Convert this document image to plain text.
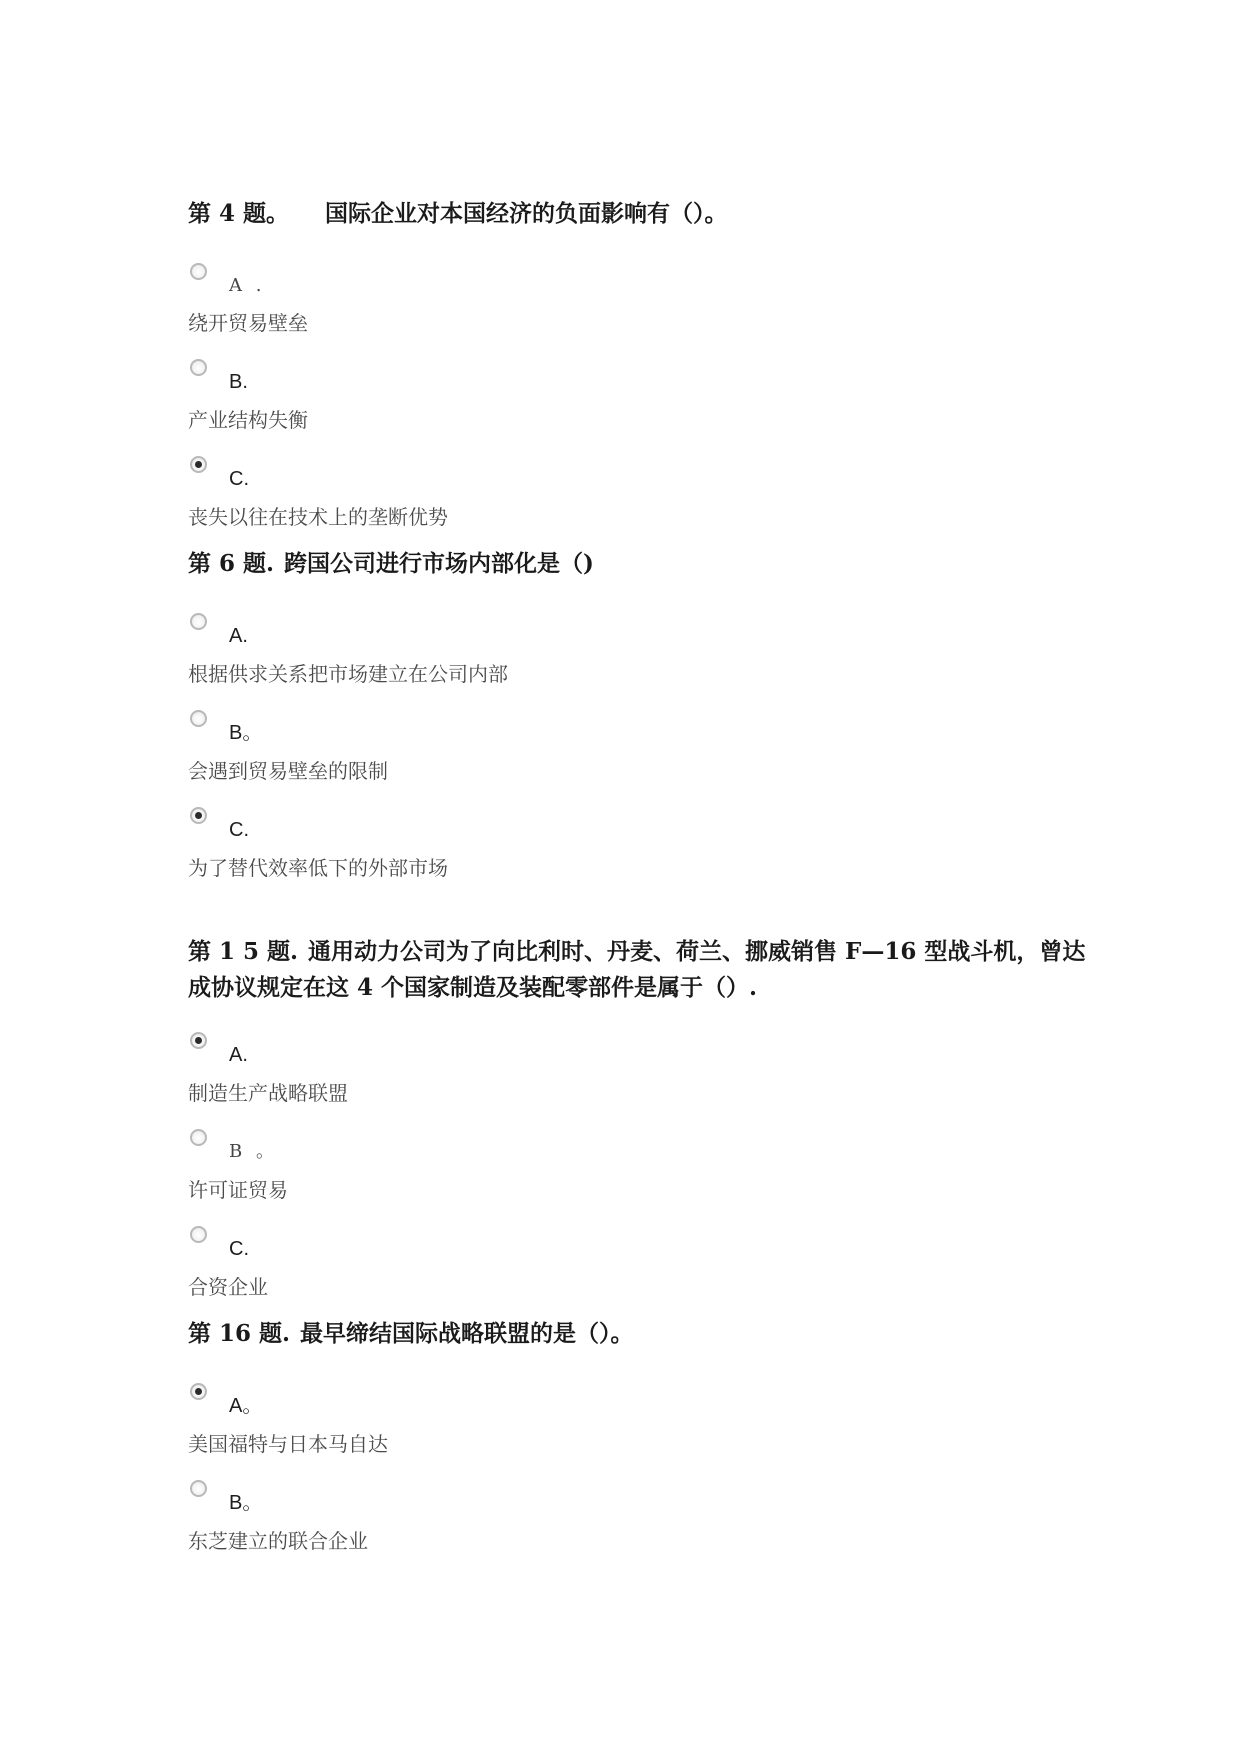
第 4 题。 国际企业对本国经济的负面影响有（）。
A .
绕开贸易壁垒
B.
产业结构失衡
C.
丧失以往在技术上的垄断优势
第 6 题. 跨国公司进行市场内部化是（)
A.
根据供求关系把市场建立在公司内部
B。
会遇到贸易壁垒的限制
C.
为了替代效率低下的外部市场
第 1 5 题. 通用动力公司为了向比利时、丹麦、荷兰、挪威销售 F—16 型战斗机，曾达成协议规定在这 4 个国家制造及装配零部件是属于（）.
A.
制造生产战略联盟
B 。
许可证贸易
C.
合资企业
第 16 题. 最早缔结国际战略联盟的是（）。
A。
美国福特与日本马自达
B。
东芝建立的联合企业
